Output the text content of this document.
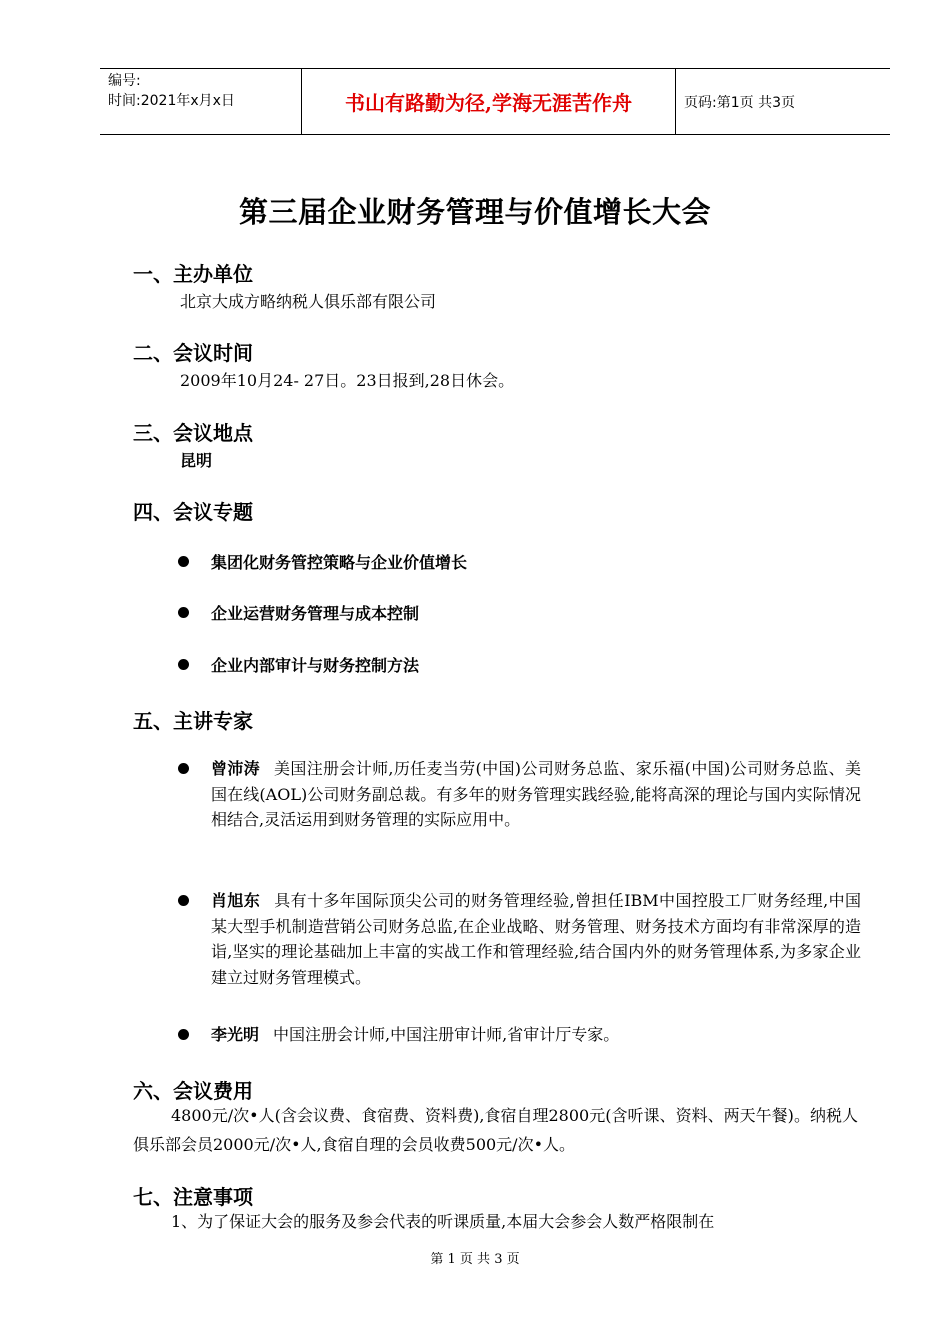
编号:
时间:2021年x月x日	书山有路勤为径,学海无涯苦作舟	页码:第1页 共3页
第三届企业财务管理与价值增长大会
一、主办单位
北京大成方略纳税人俱乐部有限公司
二、会议时间
2009年10月24- 27日。23日报到,28日休会。
三、会议地点
昆明
四、会议专题
集团化财务管控策略与企业价值增长
企业运营财务管理与成本控制
企业内部审计与财务控制方法
五、主讲专家
曾沛涛 美国注册会计师,历任麦当劳(中国)公司财务总监、家乐福(中国)公司财务总监、美国在线(AOL)公司财务副总裁。有多年的财务管理实践经验,能将高深的理论与国内实际情况相结合,灵活运用到财务管理的实际应用中。
肖旭东 具有十多年国际顶尖公司的财务管理经验,曾担任IBM中国控股工厂财务经理,中国某大型手机制造营销公司财务总监,在企业战略、财务管理、财务技术方面均有非常深厚的造诣,坚实的理论基础加上丰富的实战工作和管理经验,结合国内外的财务管理体系,为多家企业建立过财务管理模式。
李光明 中国注册会计师,中国注册审计师,省审计厅专家。
六、会议费用
4800元/次•人(含会议费、食宿费、资料费),食宿自理2800元(含听课、资料、两天午餐)。纳税人俱乐部会员2000元/次•人,食宿自理的会员收费500元/次•人。
七、注意事项
1、为了保证大会的服务及参会代表的听课质量,本届大会参会人数严格限制在
第 1 页 共 3 页
